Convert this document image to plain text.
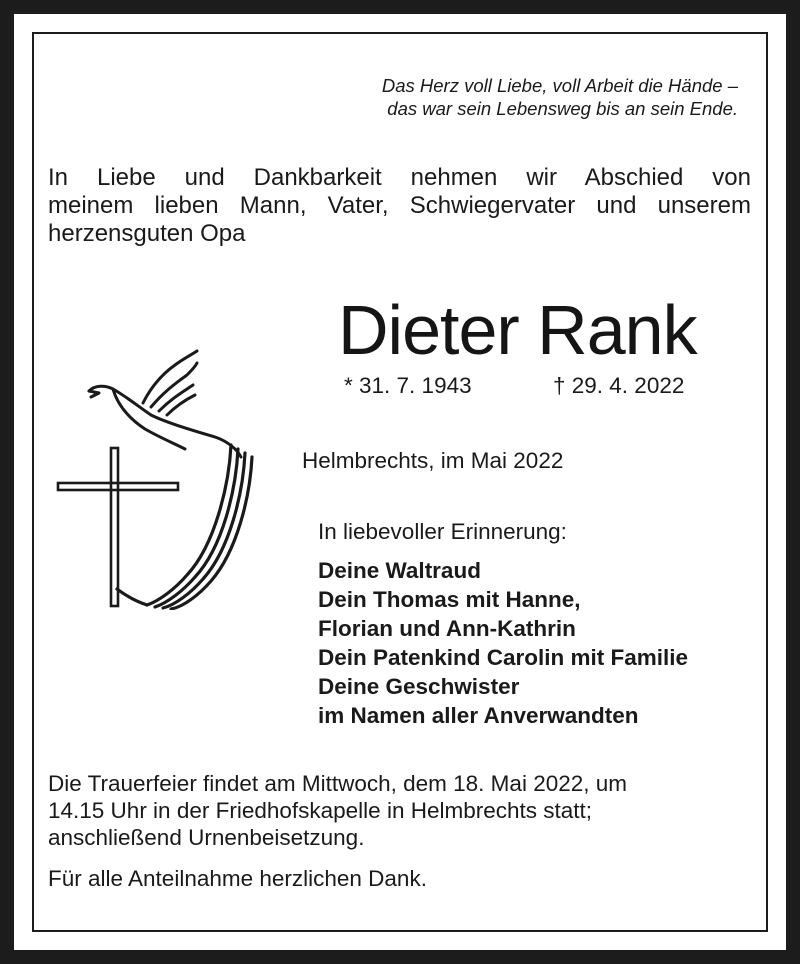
Das Herz voll Liebe, voll Arbeit die Hände –
das war sein Lebensweg bis an sein Ende.
In Liebe und Dankbarkeit nehmen wir Abschied von
meinem lieben Mann, Vater, Schwiegervater und unserem
herzensguten Opa
Dieter Rank
* 31. 7. 1943	† 29. 4. 2022
Helmbrechts, im Mai 2022
In liebevoller Erinnerung:
Deine Waltraud
Dein Thomas mit Hanne,
Florian und Ann-Kathrin
Dein Patenkind Carolin mit Familie
Deine Geschwister
im Namen aller Anverwandten
Die Trauerfeier findet am Mittwoch, dem 18. Mai 2022, um
14.15 Uhr in der Friedhofskapelle in Helmbrechts statt;
anschließend Urnenbeisetzung.
Für alle Anteilnahme herzlichen Dank.
